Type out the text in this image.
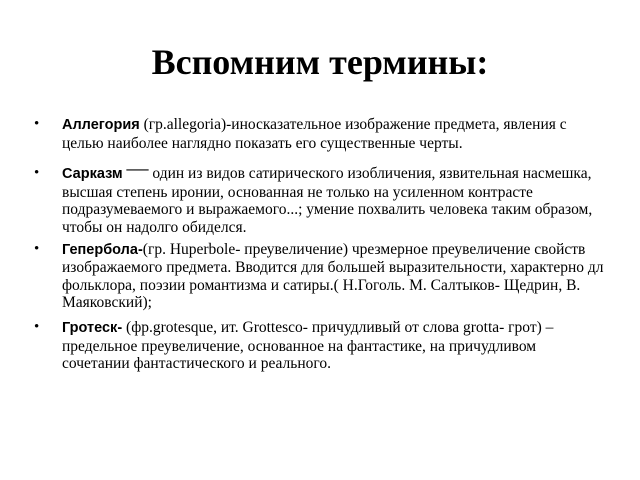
Вспомним термины:
• Аллегория (гр.allegoria)-иносказательное изображение предмета, явления с целью наиболее наглядно показать его существенные черты.
• Сарказм — один из видов сатирического изобличения, язвительная насмешка, высшая степень иронии, основанная не только на усиленном контрасте подразумеваемого и выражаемого...; умение похвалить человека таким образом, чтобы он надолго обиделся.
• Гепербола-(гр. Huperbole- преувеличение) чрезмерное преувеличение свойств изображаемого предмета. Вводится для большей выразительности, характерно дл фольклора, поэзии романтизма и сатиры.( Н.Гоголь. М. Салтыков- Щедрин, В. Маяковский);
• Гротеск- (фр.grotesque, ит. Grottesco- причудливый от слова grotta- грот) – предельное преувеличение, основанное на фантастике, на причудливом сочетании фантастического и реального.
